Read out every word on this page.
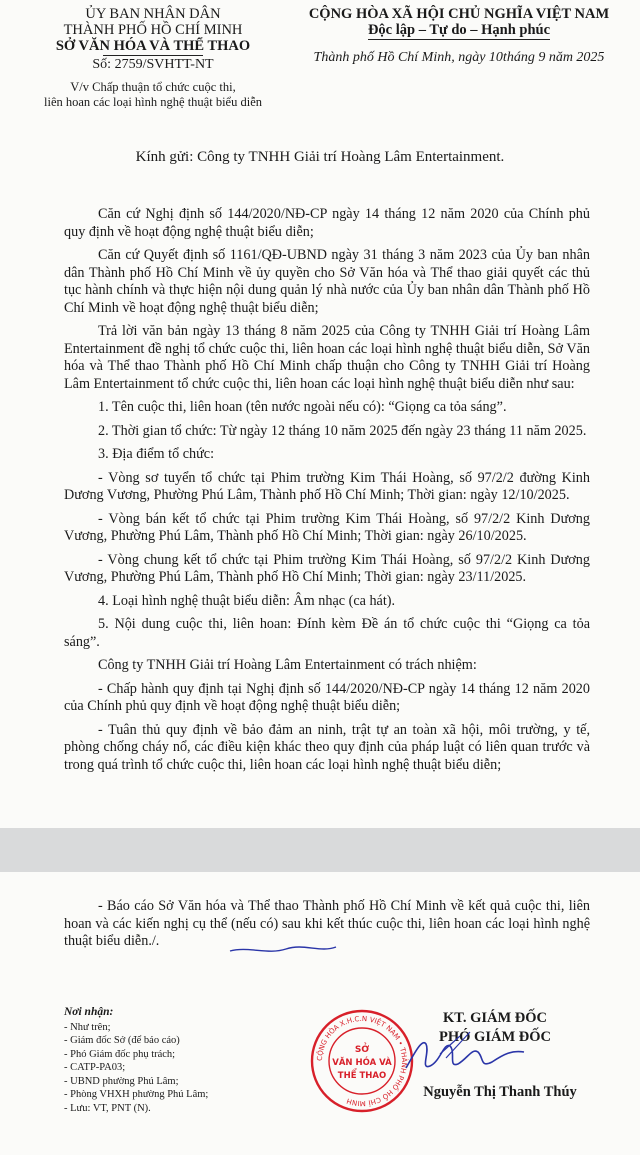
ỦY BAN NHÂN DÂN
THÀNH PHỐ HỒ CHÍ MINH
SỞ VĂN HÓA VÀ THỂ THAO
Số: 2759/SVHTT-NT
V/v Chấp thuận tổ chức cuộc thi,
liên hoan các loại hình nghệ thuật biểu diễn
CỘNG HÒA XÃ HỘI CHỦ NGHĨA VIỆT NAM
Độc lập – Tự do – Hạnh phúc
Thành phố Hồ Chí Minh, ngày 10tháng 9 năm 2025
Kính gửi: Công ty TNHH Giải trí Hoàng Lâm Entertainment.

Căn cứ Nghị định số 144/2020/NĐ-CP ngày 14 tháng 12 năm 2020 của Chính phủ quy định về hoạt động nghệ thuật biểu diễn;

Căn cứ Quyết định số 1161/QĐ-UBND ngày 31 tháng 3 năm 2023 của Ủy ban nhân dân Thành phố Hồ Chí Minh về ủy quyền cho Sở Văn hóa và Thể thao giải quyết các thủ tục hành chính và thực hiện nội dung quản lý nhà nước của Ủy ban nhân dân Thành phố Hồ Chí Minh về hoạt động nghệ thuật biểu diễn;

Trả lời văn bản ngày 13 tháng 8 năm 2025 của Công ty TNHH Giải trí Hoàng Lâm Entertainment đề nghị tổ chức cuộc thi, liên hoan các loại hình nghệ thuật biểu diễn, Sở Văn hóa và Thể thao Thành phố Hồ Chí Minh chấp thuận cho Công ty TNHH Giải trí Hoàng Lâm Entertainment tổ chức cuộc thi, liên hoan các loại hình nghệ thuật biểu diễn như sau:

1. Tên cuộc thi, liên hoan (tên nước ngoài nếu có): “Giọng ca tỏa sáng”.

2. Thời gian tổ chức: Từ ngày 12 tháng 10 năm 2025 đến ngày 23 tháng 11 năm 2025.

3. Địa điểm tổ chức:

- Vòng sơ tuyển tổ chức tại Phim trường Kim Thái Hoàng, số 97/2/2 đường Kinh Dương Vương, Phường Phú Lâm, Thành phố Hồ Chí Minh; Thời gian: ngày 12/10/2025.

- Vòng bán kết tổ chức tại Phim trường Kim Thái Hoàng, số 97/2/2 Kinh Dương Vương, Phường Phú Lâm, Thành phố Hồ Chí Minh; Thời gian: ngày 26/10/2025.

- Vòng chung kết tổ chức tại Phim trường Kim Thái Hoàng, số 97/2/2 Kinh Dương Vương, Phường Phú Lâm, Thành phố Hồ Chí Minh; Thời gian: ngày 23/11/2025.

4. Loại hình nghệ thuật biểu diễn: Âm nhạc (ca hát).

5. Nội dung cuộc thi, liên hoan: Đính kèm Đề án tổ chức cuộc thi “Giọng ca tỏa sáng”.

Công ty TNHH Giải trí Hoàng Lâm Entertainment có trách nhiệm:

- Chấp hành quy định tại Nghị định số 144/2020/NĐ-CP ngày 14 tháng 12 năm 2020 của Chính phủ quy định về hoạt động nghệ thuật biểu diễn;

- Tuân thủ quy định về bảo đảm an ninh, trật tự an toàn xã hội, môi trường, y tế, phòng chống cháy nổ, các điều kiện khác theo quy định của pháp luật có liên quan trước và trong quá trình tổ chức cuộc thi, liên hoan các loại hình nghệ thuật biểu diễn;

- Báo cáo Sở Văn hóa và Thể thao Thành phố Hồ Chí Minh về kết quả cuộc thi, liên hoan và các kiến nghị cụ thể (nếu có) sau khi kết thúc cuộc thi, liên hoan các loại hình nghệ thuật biểu diễn./.

Nơi nhận:
- Như trên;
- Giám đốc Sở (để báo cáo)
- Phó Giám đốc phụ trách;
- CATP-PA03;
- UBND phường Phú Lâm;
- Phòng VHXH phường Phú Lâm;
- Lưu: VT, PNT (N).
KT. GIÁM ĐỐC
PHÓ GIÁM ĐỐC
Nguyễn Thị Thanh Thúy
CỘNG HÒA X.H.C.N VIỆT NAM • THÀNH PHỐ HỒ CHÍ MINH
SỞ
VĂN HÓA VÀ
THỂ THAO
